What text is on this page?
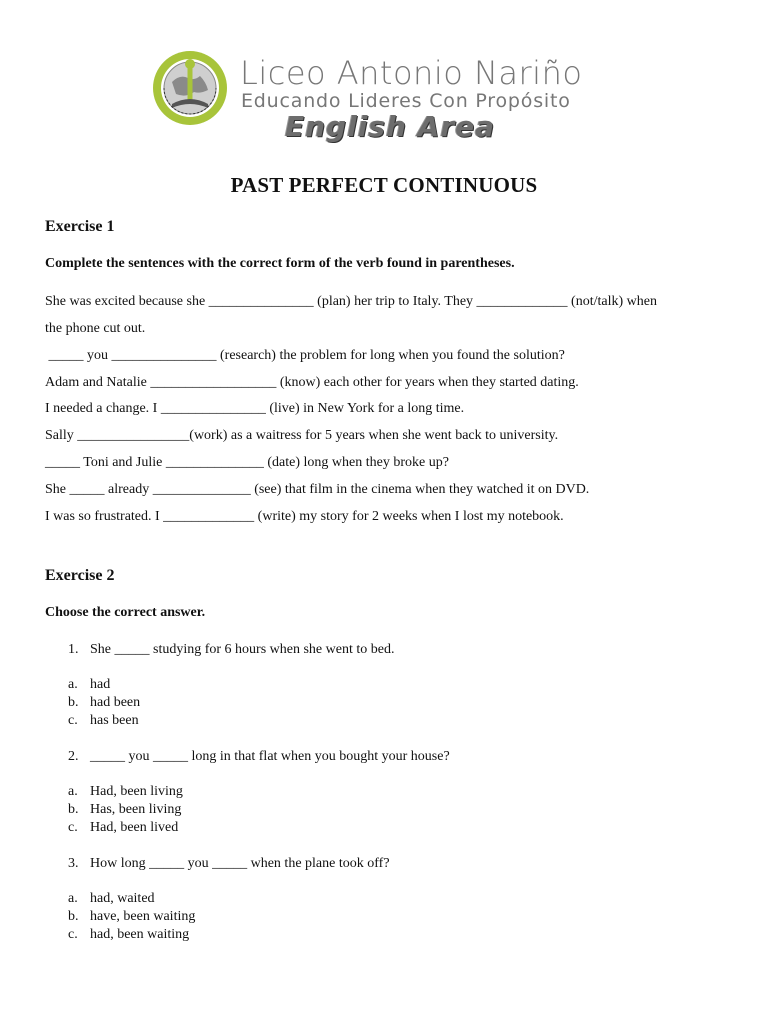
Liceo Antonio Nariño
Educando Lideres Con Propósito
English Area
PAST PERFECT CONTINUOUS
Exercise 1
Complete the sentences with the correct form of the verb found in parentheses.
She was excited because she _______________ (plan) her trip to Italy. They _____________ (not/talk) when
the phone cut out.
_____ you _______________ (research) the problem for long when you found the solution?
Adam and Natalie __________________ (know) each other for years when they started dating.
I needed a change. I _______________ (live) in New York for a long time.
Sally ________________(work) as a waitress for 5 years when she went back to university.
_____ Toni and Julie ______________ (date) long when they broke up?
She _____ already ______________ (see) that film in the cinema when they watched it on DVD.
I was so frustrated. I _____________ (write) my story for 2 weeks when I lost my notebook.
Exercise 2
Choose the correct answer.
1. She _____ studying for 6 hours when she went to bed.
a. had
b. had been
c. has been
2. _____ you _____ long in that flat when you bought your house?
a. Had, been living
b. Has, been living
c. Had, been lived
3. How long _____ you _____ when the plane took off?
a. had, waited
b. have, been waiting
c. had, been waiting
